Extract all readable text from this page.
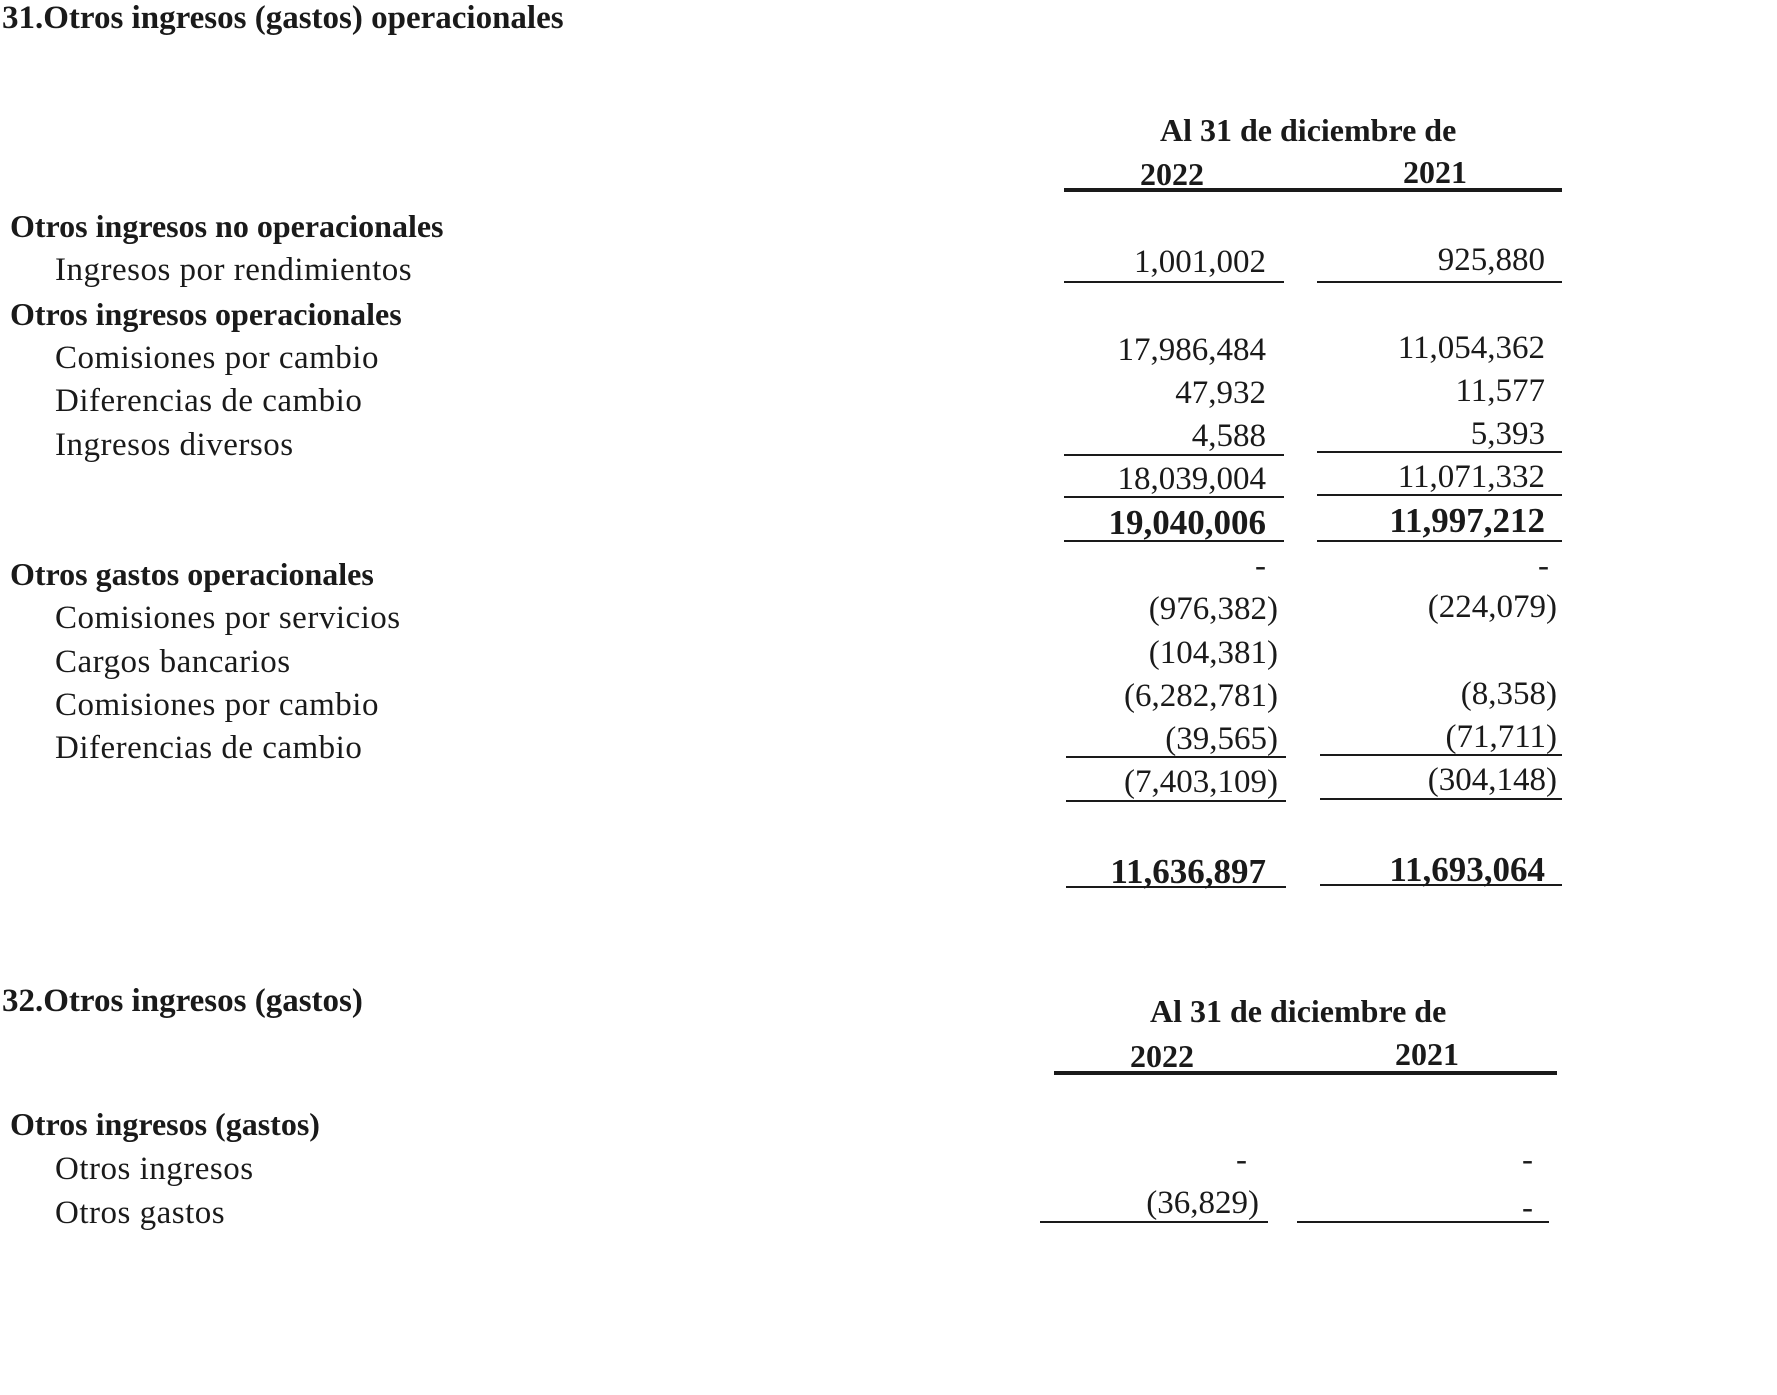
31.Otros ingresos (gastos) operacionales
Al 31 de diciembre de
2022	2021
Otros ingresos no operacionales
Ingresos por rendimientos	1,001,002	925,880
Otros ingresos operacionales
Comisiones por cambio	17,986,484	11,054,362
Diferencias de cambio	47,932	11,577
Ingresos diversos	4,588	5,393
18,039,004	11,071,332
19,040,006	11,997,212
Otros gastos operacionales	-	-
Comisiones por servicios	(976,382)	(224,079)
Cargos bancarios	(104,381)
Comisiones por cambio	(6,282,781)	(8,358)
Diferencias de cambio	(39,565)	(71,711)
(7,403,109)	(304,148)
11,636,897	11,693,064
32.Otros ingresos (gastos)	Al 31 de diciembre de
2022	2021
Otros ingresos (gastos)
Otros ingresos	-	-
Otros gastos	(36,829)	-
